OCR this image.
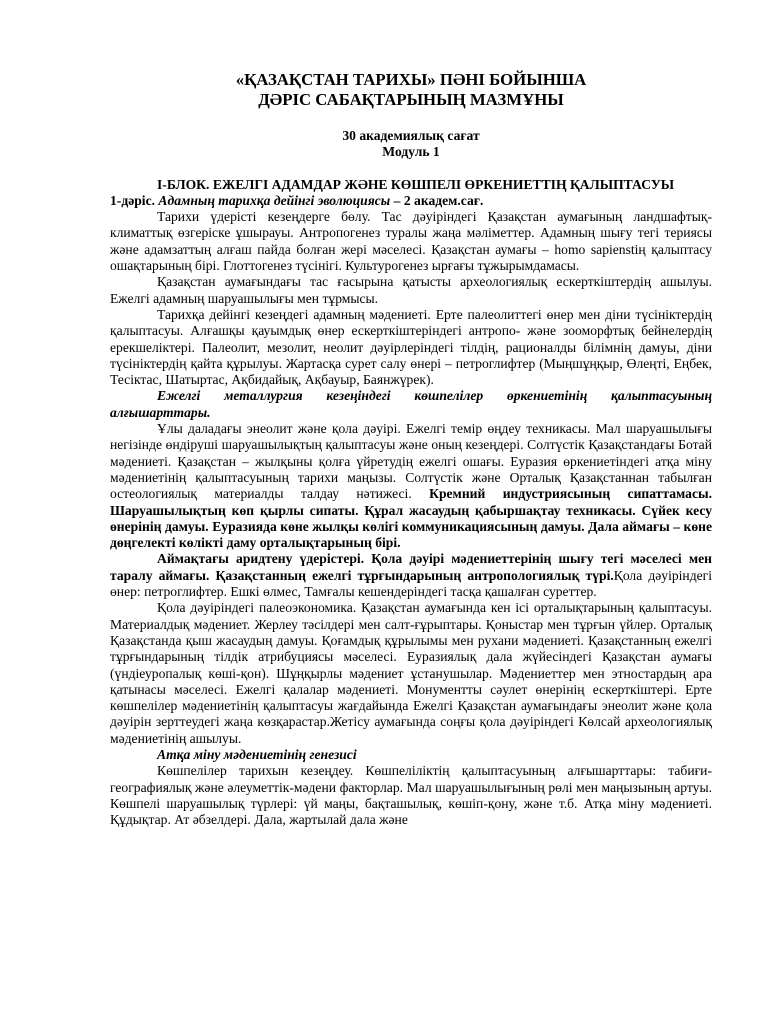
«ҚАЗАҚСТАН ТАРИХЫ» ПӘНІ БОЙЫНША
ДӘРІС САБАҚТАРЫНЫҢ МАЗМҰНЫ

30 академиялық сағат

Модуль 1

І-БЛОК. ЕЖЕЛГІ АДАМДАР ЖӘНЕ КӨШПЕЛІ ӨРКЕНИЕТТІҢ ҚАЛЫПТАСУЫ

1-дәріс. Адамның тарихқа дейінгі эволюциясы – 2 академ.сағ.

Тарихи үдерісті кезеңдерге бөлу. Тас дәуіріндегі Қазақстан аумағының ландшафтық-климаттық өзгеріске ұшырауы. Антропогенез туралы жаңа мәліметтер. Адамның шығу тегі териясы және адамзаттың алғаш пайда болған жері мәселесі. Қазақстан аумағы – homo sapienstің қалыптасу ошақтарының бірі. Глоттогенез түсінігі. Культурогенез ырғағы тұжырымдамасы.

Қазақстан аумағындағы тас ғасырына қатысты археологиялық ескерткіштердің ашылуы. Ежелгі адамның шаруашылығы мен тұрмысы.

Тарихқа дейінгі кезеңдегі адамның мәдениеті. Ерте палеолиттегі өнер мен діни түсініктердің қалыптасуы. Алғашқы қауымдық өнер ескерткіштеріндегі антропо- және зооморфтық бейнелердің ерекшеліктері. Палеолит, мезолит, неолит дәуірлеріндегі тілдің, рационалды білімнің дамуы, діни түсініктердің қайта құрылуы. Жартасқа сурет салу өнері – петроглифтер (Мыңшұңқыр, Өлеңті, Еңбек, Тесіктас, Шатыртас, Ақбидайық, Ақбауыр, Баянжүрек).

Ежелгі металлургия кезеңіндегі көшпелілер өркениетінің қалыптасуының алғышарттары.

Ұлы даладағы энеолит және қола дәуірі. Ежелгі темір өңдеу техникасы. Мал шаруашылығы негізінде өндіруші шаруашылықтың қалыптасуы және оның кезеңдері. Солтүстік Қазақстандағы Ботай мәдениеті. Қазақстан – жылқыны қолға үйретудің ежелгі ошағы. Еуразия өркениетіндегі атқа міну мәдениетінің қалыптасуының тарихи маңызы. Солтүстік және Орталық Қазақстаннан табылған остеологиялық материалды талдау нәтижесі. Кремний индустриясының сипаттамасы. Шаруашылықтың көп қырлы сипаты. Құрал жасаудың қабыршақтау техникасы. Сүйек кесу өнерінің дамуы. Еуразияда көне жылқы көлігі коммуникациясының дамуы. Дала аймағы – көне дөңгелекті көлікті даму орталықтарының бірі.

Аймақтағы аридтену үдерістері. Қола дәуірі мәдениеттерінің шығу тегі мәселесі мен таралу аймағы. Қазақстанның ежелгі тұрғындарының антропологиялық түрі.Қола дәуіріндегі өнер: петроглифтер. Ешкі өлмес, Тамғалы кешендеріндегі тасқа қашалған суреттер.

Қола дәуіріндегі палеоэкономика. Қазақстан аумағында кен ісі орталықтарының қалыптасуы. Материалдық мәдениет. Жерлеу тәсілдері мен салт-ғұрыптары. Қоныстар мен тұрғын үйлер. Орталық Қазақстанда қыш жасаудың дамуы. Қоғамдық құрылымы мен рухани мәдениеті. Қазақстанның ежелгі тұрғындарының тілдік атрибуциясы мәселесі. Еуразиялық дала жүйесіндегі Қазақстан аумағы (үндіеуропалық көші-қон). Шұңқырлы мәдениет ұстанушылар. Мәдениеттер мен этностардың ара қатынасы мәселесі. Ежелгі қалалар мәдениеті. Монументты сәулет өнерінің ескерткіштері. Ерте көшпелілер мәдениетінің қалыптасуы жағдайында Ежелгі Қазақстан аумағындағы энеолит және қола дәуірін зерттеудегі жаңа көзқарастар.Жетісу аумағында соңғы қола дәуіріндегі Көлсай археологиялық мәдениетінің ашылуы.

Атқа міну мәдениетінің генезисі

Көшпелілер тарихын кезеңдеу. Көшпеліліктің қалыптасуының алғышарттары: табиғи-географиялық және әлеуметтік-мәдени факторлар. Мал шаруашылығының рөлі мен маңызының артуы. Көшпелі шаруашылық түрлері: үй маңы, бақташылық, көшіп-қону, және т.б. Атқа міну мәдениеті. Құдықтар. Ат әбзелдері. Дала, жартылай дала және
